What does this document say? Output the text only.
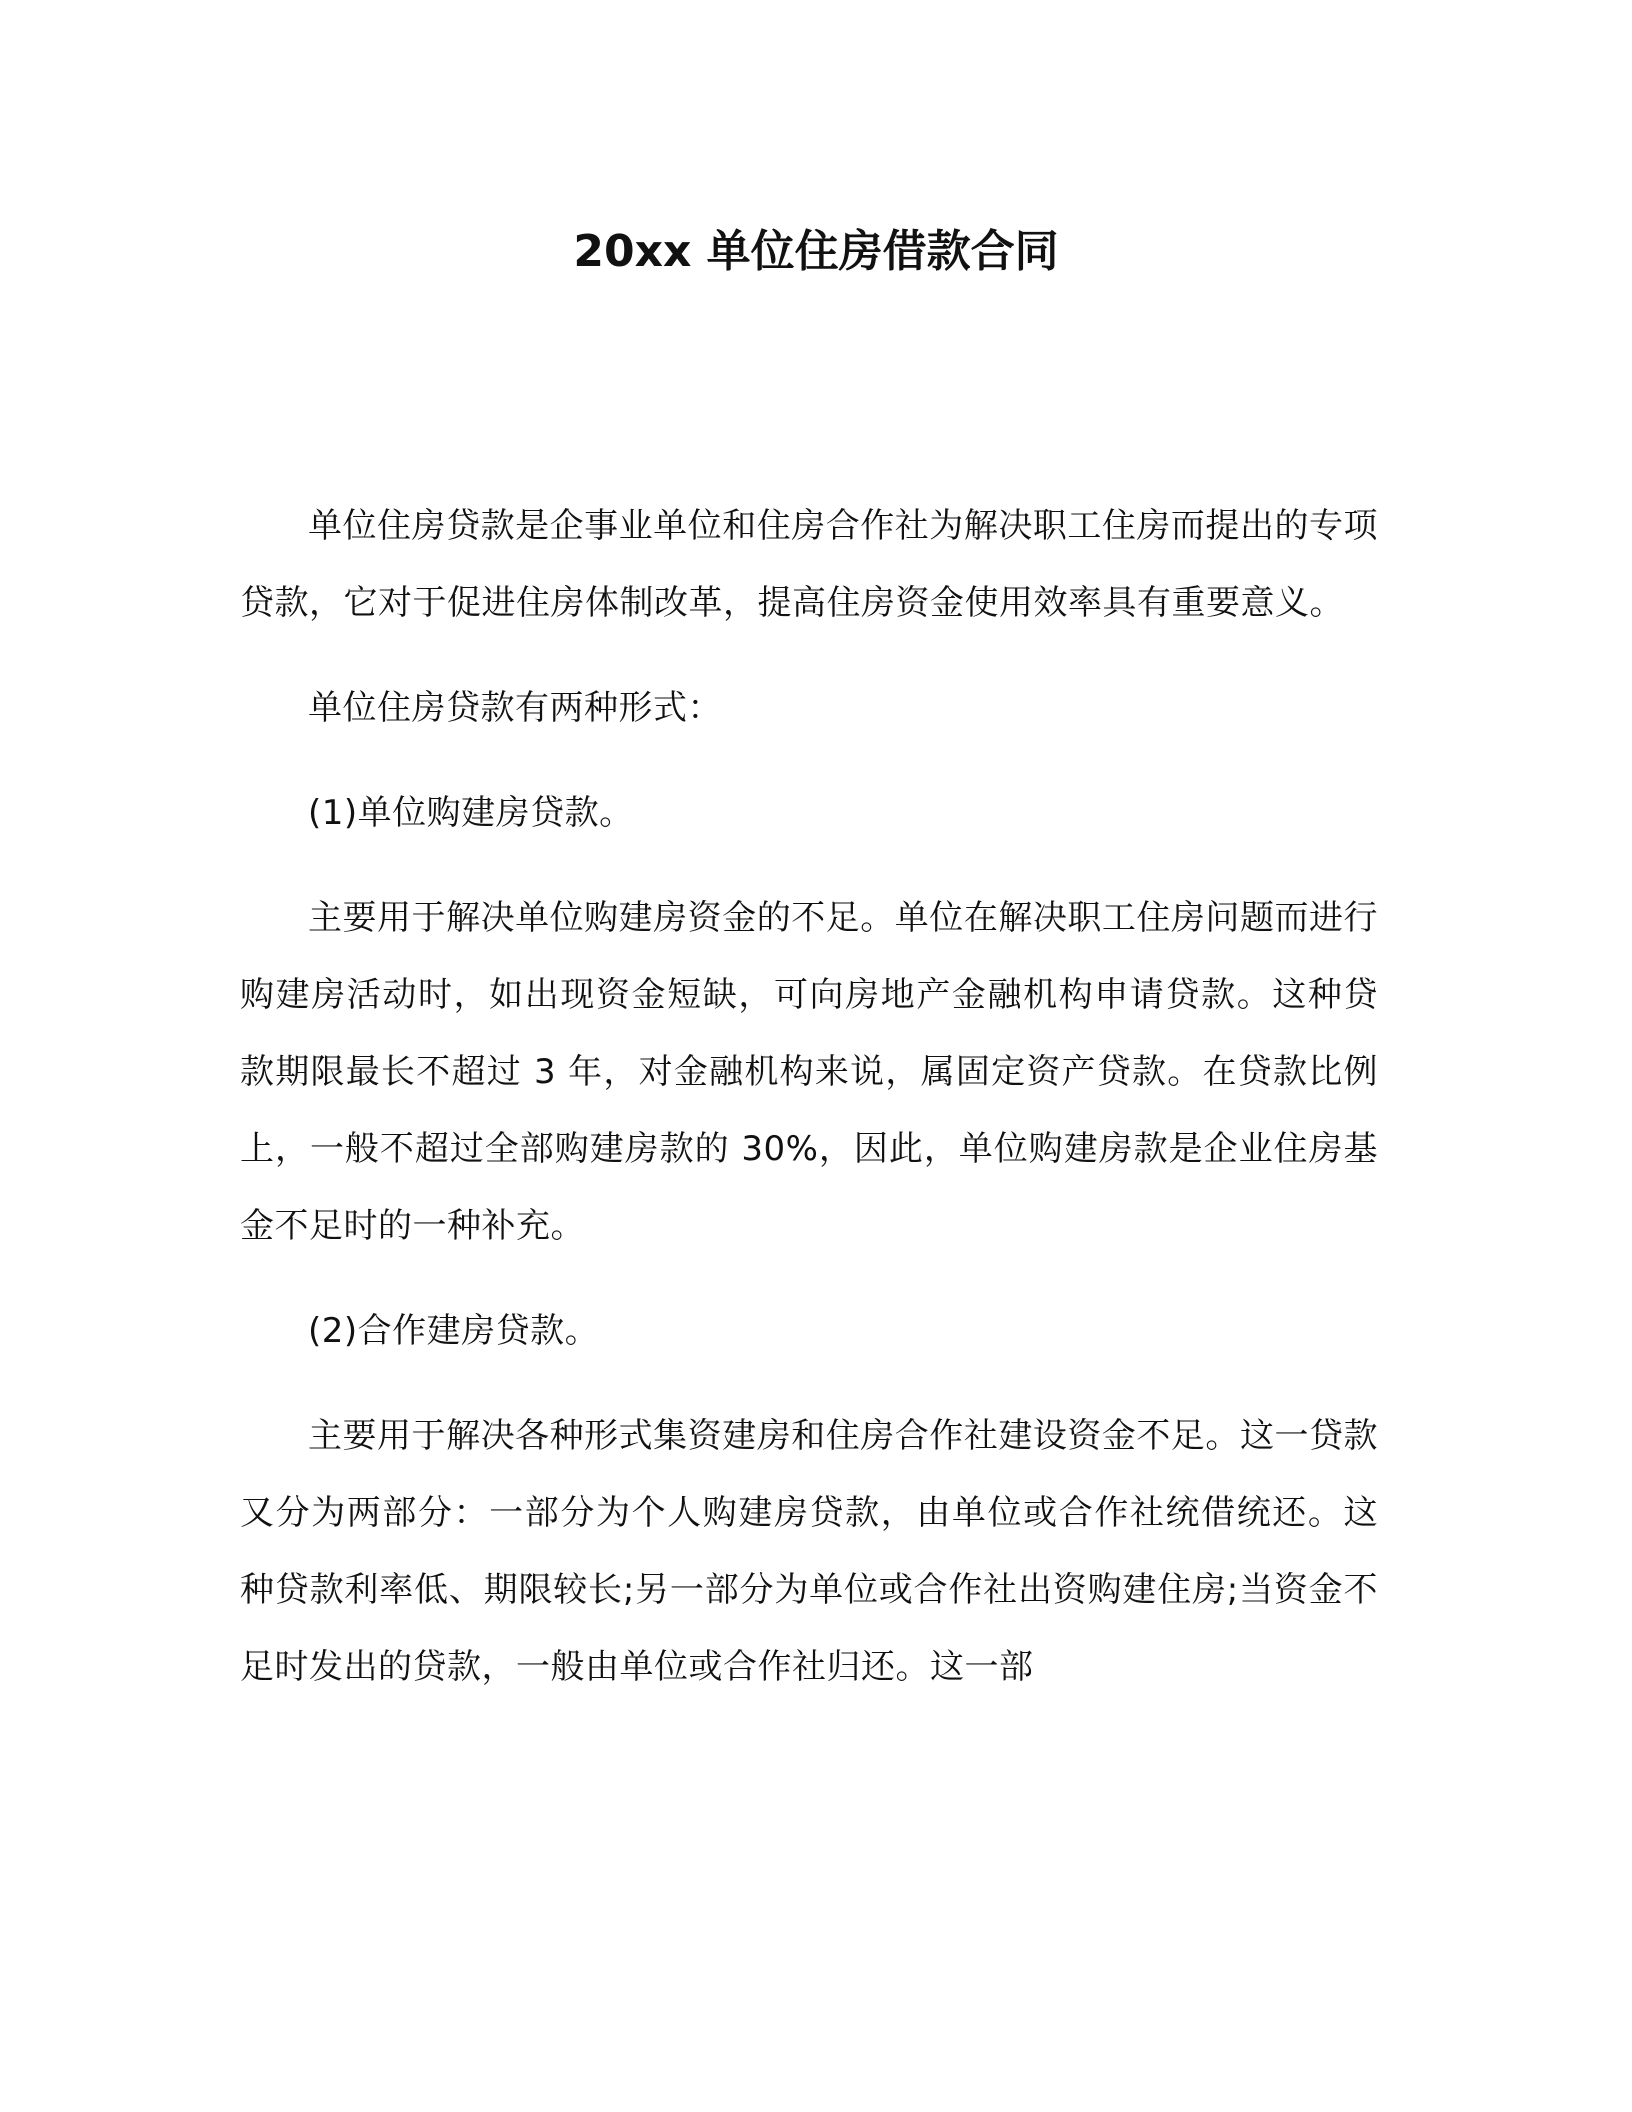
20xx 单位住房借款合同

单位住房贷款是企事业单位和住房合作社为解决职工住房而提出的专项贷款，它对于促进住房体制改革，提高住房资金使用效率具有重要意义。

单位住房贷款有两种形式：

(1)单位购建房贷款。

主要用于解决单位购建房资金的不足。单位在解决职工住房问题而进行购建房活动时，如出现资金短缺，可向房地产金融机构申请贷款。这种贷款期限最长不超过 3 年，对金融机构来说，属固定资产贷款。在贷款比例上，一般不超过全部购建房款的 30%，因此，单位购建房款是企业住房基金不足时的一种补充。

(2)合作建房贷款。

主要用于解决各种形式集资建房和住房合作社建设资金不足。这一贷款又分为两部分：一部分为个人购建房贷款，由单位或合作社统借统还。这种贷款利率低、期限较长;另一部分为单位或合作社出资购建住房;当资金不足时发出的贷款，一般由单位或合作社归还。这一部
